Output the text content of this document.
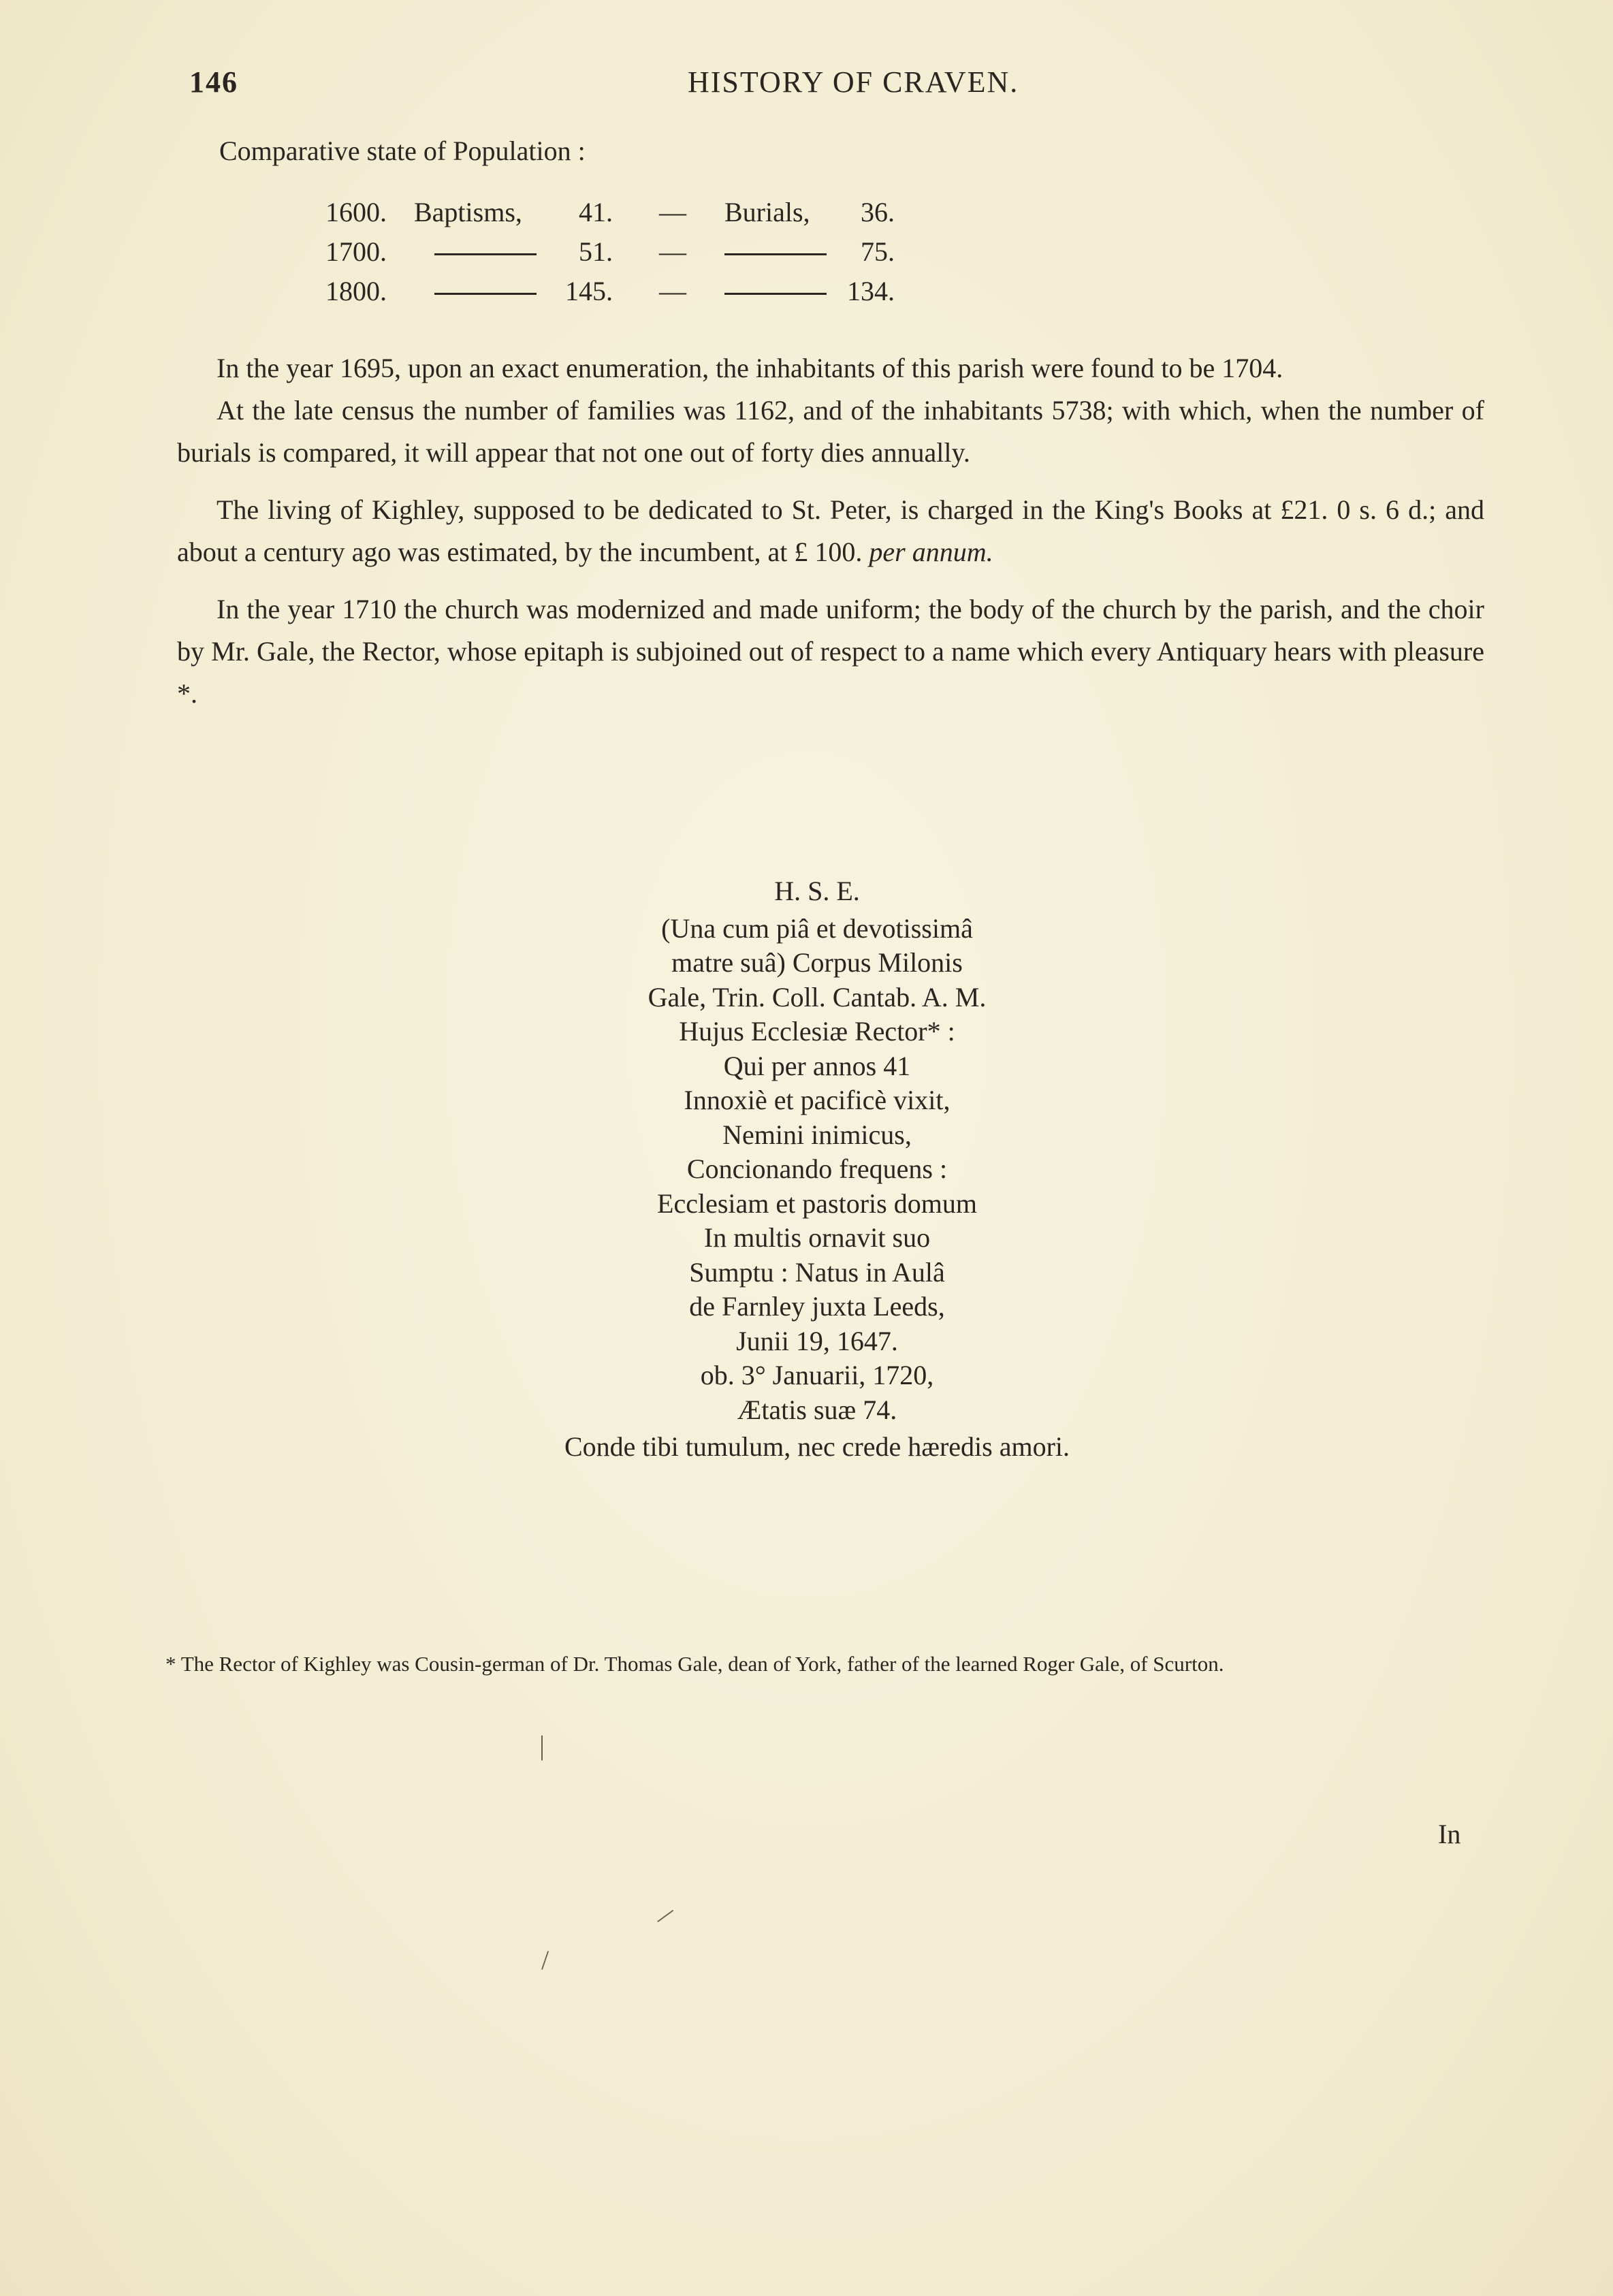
146	HISTORY OF CRAVEN.
Comparative state of Population :
1600. Baptisms, 41. — Burials, 36.
1700.	51. —	75.
1800.	145. —	134.

In the year 1695, upon an exact enumeration, the inhabitants of this parish were found to be 1704.

At the late census the number of families was 1162, and of the inhabitants 5738; with which, when the number of burials is compared, it will appear that not one out of forty dies annually.

The living of Kighley, supposed to be dedicated to St. Peter, is charged in the King's Books at £21. 0 s. 6 d.; and about a century ago was estimated, by the incumbent, at £ 100. per annum.

In the year 1710 the church was modernized and made uniform; the body of the church by the parish, and the choir by Mr. Gale, the Rector, whose epitaph is subjoined out of respect to a name which every Antiquary hears with pleasure *.

H. S. E.
(Una cum piâ et devotissimâ
matre suâ) Corpus Milonis
Gale, Trin. Coll. Cantab. A. M.
Hujus Ecclesiæ Rector* :
Qui per annos 41
Innoxiè et pacificè vixit,
Nemini inimicus,
Concionando frequens :
Ecclesiam et pastoris domum
In multis ornavit suo
Sumptu : Natus in Aulâ
de Farnley juxta Leeds,
Junii 19, 1647.
ob. 3° Januarii, 1720,
Ætatis suæ 74.
Conde tibi tumulum, nec crede hæredis amori.
* The Rector of Kighley was Cousin-german of Dr. Thomas Gale, dean of York, father of the learned Roger Gale, of Scurton.
In
|
/
/
